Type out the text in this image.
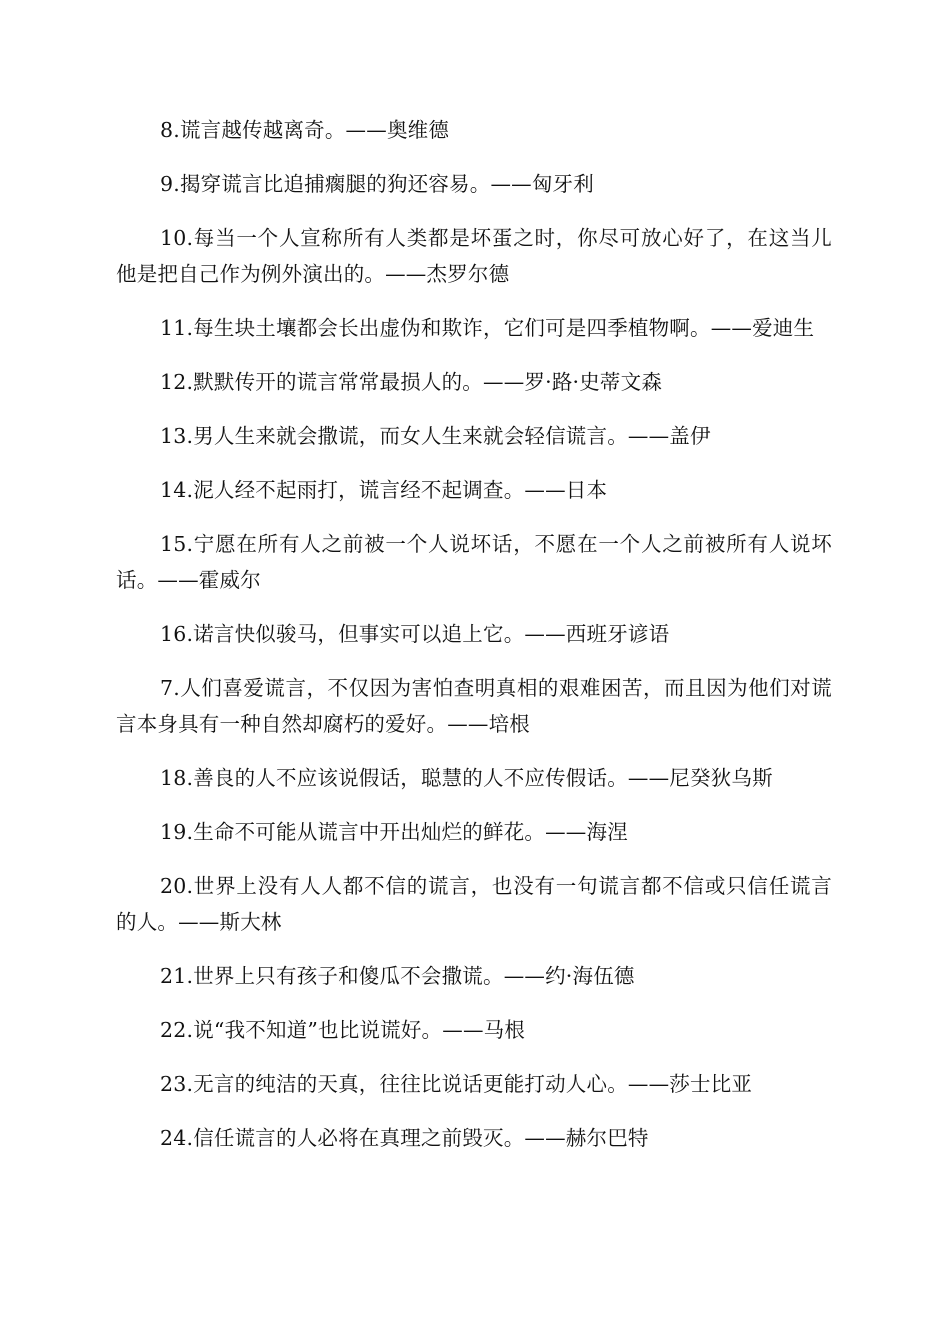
8.谎言越传越离奇。——奥维德

9.揭穿谎言比追捕瘸腿的狗还容易。——匈牙利

10.每当一个人宣称所有人类都是坏蛋之时，你尽可放心好了，在这当儿他是把自己作为例外演出的。——杰罗尔德

11.每生块土壤都会长出虚伪和欺诈，它们可是四季植物啊。——爱迪生

12.默默传开的谎言常常最损人的。——罗·路·史蒂文森

13.男人生来就会撒谎，而女人生来就会轻信谎言。——盖伊

14.泥人经不起雨打，谎言经不起调查。——日本

15.宁愿在所有人之前被一个人说坏话，不愿在一个人之前被所有人说坏话。——霍威尔

16.诺言快似骏马，但事实可以追上它。——西班牙谚语

7.人们喜爱谎言，不仅因为害怕查明真相的艰难困苦，而且因为他们对谎言本身具有一种自然却腐朽的爱好。——培根

18.善良的人不应该说假话，聪慧的人不应传假话。——尼癸狄乌斯

19.生命不可能从谎言中开出灿烂的鲜花。——海涅

20.世界上没有人人都不信的谎言，也没有一句谎言都不信或只信任谎言的人。——斯大林

21.世界上只有孩子和傻瓜不会撒谎。——约·海伍德

22.说“我不知道”也比说谎好。——马根

23.无言的纯洁的天真，往往比说话更能打动人心。——莎士比亚

24.信任谎言的人必将在真理之前毁灭。——赫尔巴特
